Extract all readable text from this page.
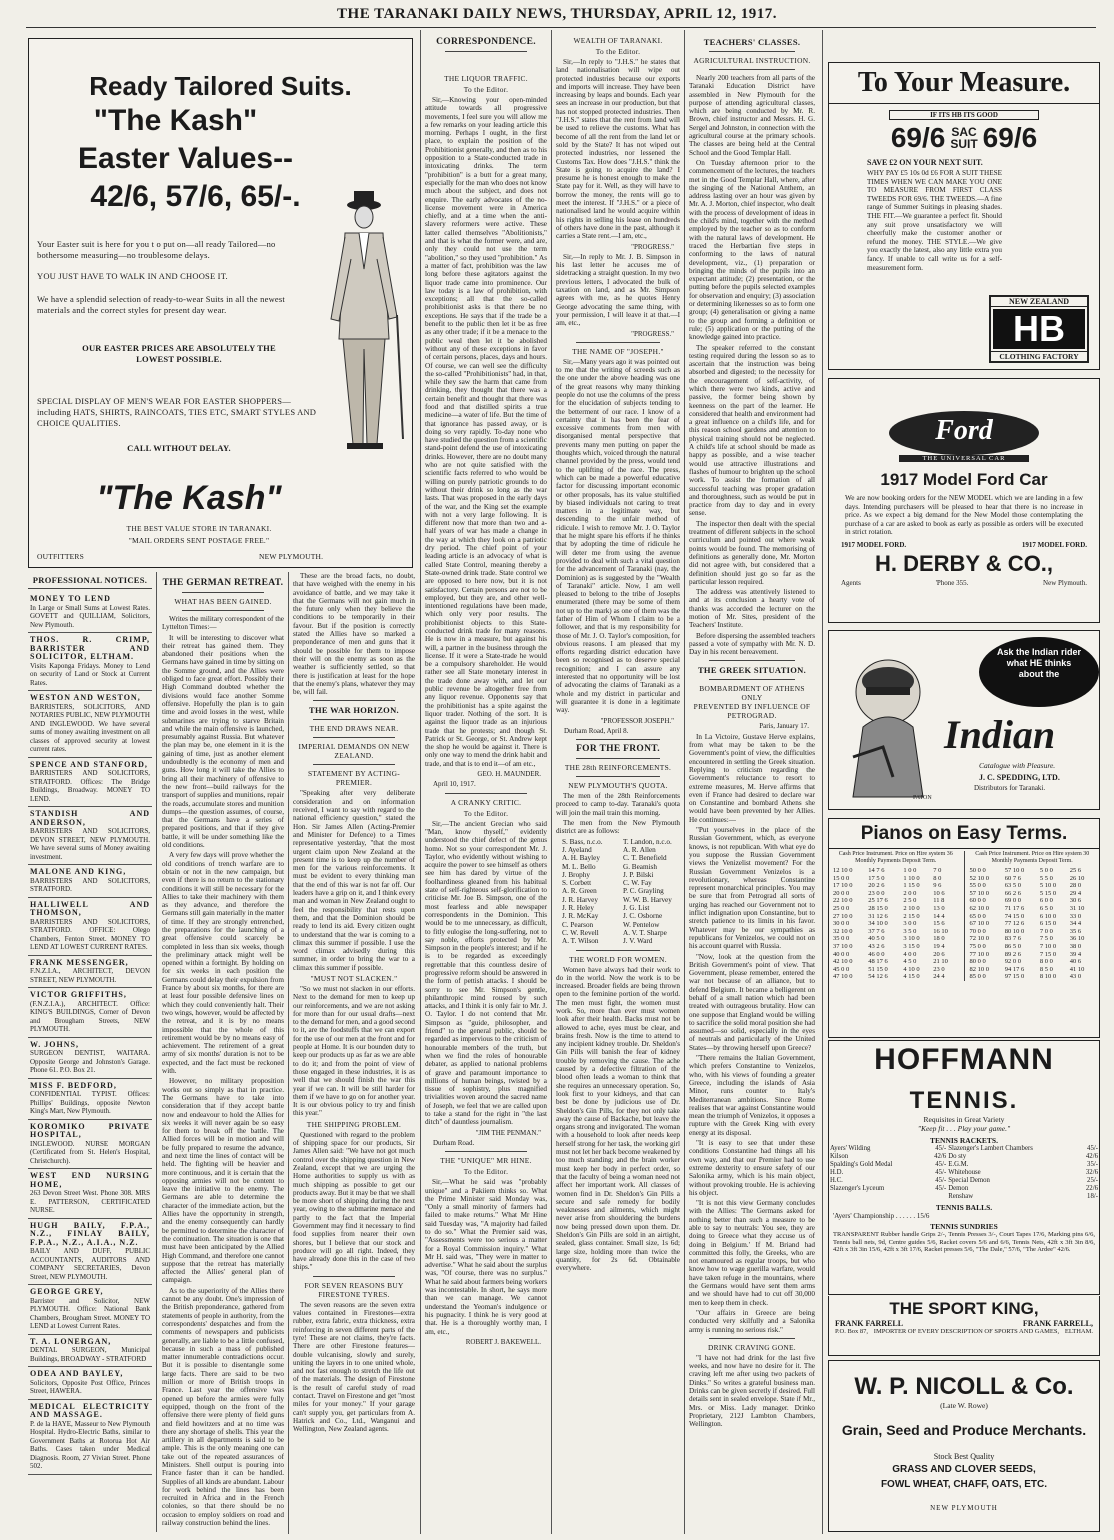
THE TARANAKI DAILY NEWS, THURSDAY, APRIL 12, 1917.
Ready Tailored Suits.
"The Kash"
Easter Values--
42/6, 57/6, 65/-.
Your Easter suit is here for you t o put on—all ready Tailored—no bothersome measuring—no troublesome delays.
YOU JUST HAVE TO WALK IN AND CHOOSE IT.
We have a splendid selection of ready-to-wear Suits in all the newest materials and the correct styles for present day wear.
OUR EASTER PRICES ARE ABSOLUTELY THE LOWEST POSSIBLE.
SPECIAL DISPLAY OF MEN'S WEAR FOR EASTER SHOPPERS—including HATS, SHIRTS, RAINCOATS, TIES ETC, SMART STYLES AND CHOICE QUALITIES.
CALL WITHOUT DELAY.
"The Kash"
THE BEST VALUE STORE IN TARANAKI.
"MAIL ORDERS SENT POSTAGE FREE."
OUTFITTERS	NEW PLYMOUTH.
PROFESSIONAL NOTICES.
MONEY TO LEND
In Large or Small Sums at Lowest Rates. GOVETT and QUILLIAM, Solicitors, New Plymouth.
THOS. R. CRIMP, BARRISTER AND SOLICITOR, ELTHAM.
Visits Kaponga Fridays. Money to Lend on security of Land or Stock at Current Rates.
WESTON AND WESTON,
BARRISTERS, SOLICITORS, AND NOTARIES PUBLIC, NEW PLYMOUTH AND INGLEWOOD. We have several sums of money awaiting investment on all classes of approved security at lowest current rates.
SPENCE AND STANFORD,
BARRISTERS AND SOLICITORS, STRATFORD. Offices: The Bridge Buildings, Broadway. MONEY TO LEND.
STANDISH AND ANDERSON,
BARRISTERS AND SOLICITORS, DEVON STREET, NEW PLYMOUTH. We have several sums of Money awaiting investment.
MALONE AND KING,
BARRISTERS AND SOLICITORS, STRATFORD.
HALLIWELL AND THOMSON,
BARRISTERS AND SOLICITORS, STRATFORD. OFFICE: Olego Chambers, Fenton Street. MONEY TO LEND AT LOWEST CURRENT RATES.
FRANK MESSENGER,
F.N.Z.I.A., ARCHITECT, DEVON STREET, NEW PLYMOUTH.
VICTOR GRIFFITHS,
(F.N.Z.I.A.), ARCHITECT. Office: KING'S BUILDINGS, Corner of Devon and Brougham Streets, NEW PLYMOUTH.
W. JOHNS,
SURGEON DENTIST, WAITARA. Opposite George and Johnston's Garage. Phone 61. P.O. Box 21.
MISS F. BEDFORD,
CONFIDENTIAL TYPIST. Offices: Phillips' Buildings, opposite Newton King's Mart, New Plymouth.
KOROMIKO PRIVATE HOSPITAL,
INGLEWOOD. NURSE MORGAN (Certificated from St. Helen's Hospital, Christchurch).
WEST END NURSING HOME,
263 Devon Street West. Phone 308. MRS E. PATTERSON, CERTIFICATED NURSE.
HUGH BAILY, F.P.A., N.Z., FINLAY BAILY, F.P.A., N.Z., A.I.A., N.Z.
BAILY AND DUFF, PUBLIC ACCOUNTANTS, AUDITORS AND COMPANY SECRETARIES, Devon Street, NEW PLYMOUTH.
GEORGE GREY,
Barrister and Solicitor, NEW PLYMOUTH. Office: National Bank Chambers, Brougham Street. MONEY TO LEND at Lowest Current Rates.
T. A. LONERGAN,
DENTAL SURGEON, Municipal Buildings, BROADWAY - STRATFORD
ODEA AND BAYLEY,
Solicitors, Opposite Post Office, Princes Street, HAWERA.
MEDICAL ELECTRICITY AND MASSAGE.
P. de la HAYE, Masseur to New Plymouth Hospital. Hydro-Electric Baths, similar to Government Baths at Rotorua Hot Air Baths. Cases taken under Medical Diagnosis. Room, 27 Vivian Street. Phone 502.
THE GERMAN RETREAT.
WHAT HAS BEEN GAINED.

Writes the military correspondent of the Lyttelton Times:—

It will be interesting to discover what their retreat has gained them. They abandoned their positions when the Germans have gained in time by sitting on the Somme ground, and the Allies were obliged to face great effort. Possibly their High Command doubted whether the divisions would face another Somme offensive. Hopefully the plan is to gain time and avoid losses in the west, while submarines are trying to starve Britain and while the main offensive is launched, presumably against Russia. But whatever the plan may be, one element in it is the gaining of time, just as another element undoubtedly is the economy of men and guns. How long it will take the Allies to bring all their machinery of offensive to the new front—build railways for the transport of supplies and munitions, repair the roads, accumulate stores and munition dumps—the question assumes, of course, that the Germans have a series of prepared positions, and that if they give battle, it will be under something like the old conditions.

A very few days will prove whether the old conditions of trench warfare are to obtain or not in the new campaign, but even if there is no return to the stationary conditions it will still be necessary for the Allies to take their machinery with them as they advance, and therefore the Germans still gain materially in the matter of time. If they are strongly entrenched, the preparations for the launching of a great offensive could scarcely be completed in less than six weeks, though the preliminary attack might well be opened within a fortnight. By holding on for six weeks in each position the Germans could delay their expulsion from France by about six months, for there are at least four possible defensive lines on which they could conveniently halt. Their two wings, however, would be affected by the retreat, and it is by no means impossible that the whole of this retirement would be by no means easy of achievement. The retirement of a great army of six months' duration is not to be expected, and the fact must be reckoned with.

However, no military proposition works out so simply as that in practice. The Germans have to take into consideration that if they accept battle now and endeavour to hold the Allies for six weeks it will never again be so easy for them to break off the battle. The Allied forces will be in motion and will be fully prepared to resume the advance, and next time the lines of contact will be held. The fighting will be heavier and more continuous, and it is certain that the opposing armies will not be content to leave the initiative to the enemy. The Germans are able to determine the character of the immediate action, but the Allies have the opportunity in strength, and the enemy consequently can hardly be permitted to determine the character of the continuation. The situation is one that must have been anticipated by the Allied High Command, and therefore one cannot suppose that the retreat has materially affected the Allies' general plan of campaign.

As to the superiority of the Allies there cannot be any doubt. One's impression of the British preponderance, gathered from statements of people in authority, from the correspondents' despatches and from the comments of newspapers and publicists generally, are liable to be a little confused, because in such a mass of published matter innumerable contradictions occur. But it is possible to disentangle some large facts. There are said to be two million or more of British troops in France. Last year the offensive was opened up before the armies were fully equipped, though on the front of the offensive there were plenty of field guns and field howitzers and at no time was there any shortage of shells. This year the artillery in all departments is said to be ample. This is the only meaning one can take out of the repeated assurances of Ministers. Shell output is pouring into France faster than it can be handled. Supplies of all kinds are abundant. Labour for work behind the lines has been recruited in Africa and in the French colonies, so that there should be no occasion to employ soldiers on road and railway construction behind the lines.

These are the broad facts, no doubt, that have weighed with the enemy in his avoidance of battle, and we may take it that the Germans will not gain much in the future only when they believe the conditions to be temporarily in their favour. But if the position is correctly stated the Allies have so marked a preponderance of men and guns that it should be possible for them to impose their will on the enemy as soon as the weather is sufficiently settled, so that there is justification at least for the hope that the enemy's plans, whatever they may be, will fail.

THE WAR HORIZON.
THE END DRAWS NEAR.
IMPERIAL DEMANDS ON NEW ZEALAND.
STATEMENT BY ACTING-PREMIER.

"Speaking after very deliberate consideration and on information received, I want to say with regard to the national efficiency question," stated the Hon. Sir James Allen (Acting-Premier and Minister for Defence) to a Times representative yesterday, "that the most urgent claim upon New Zealand at the present time is to keep up the number of men for the various reinforcements. It must be evident to every thinking man that the end of this war is not far off. Our leaders have a grip on it, and I think every man and woman in New Zealand ought to feel the responsibility that rests upon them, and that the Dominion should be ready to lend its aid. Every citizen ought to understand that the war is coming to a climax this summer if possible. I use the word climax advisedly during this summer, in order to bring the war to a climax this summer if possible.

"MUST NOT SLACKEN."

"So we must not slacken in our efforts. Next to the demand for men to keep up our reinforcements, and we are not asking for more than for our usual drafts—next to the demand for men, and a good second to it, are the foodstuffs that we can export for the use of our men at the front and for people at Home. It is our bounden duty to keep our products up as far as we are able to do it; and from the point of view of those engaged in these industries, it is as well that we should finish the war this year if we can. It will be still harder for them if we have to go on for another year. It is our obvious policy to try and finish this year."

THE SHIPPING PROBLEM.

Questioned with regard to the problem of shipping space for our products, Sir James Allen said: "We have not got much control over the shipping question in New Zealand, except that we are urging the Home authorities to supply us with as much shipping as possible to get our products away. But it may be that we shall be more short of shipping during the next year, owing to the submarine menace and partly to the fact that the Imperial Government may find it necessary to find food supplies from nearer their own shores, but I believe that our stock and produce will go all right. Indeed, they have already done this in the case of two ships."

FOR SEVEN REASONS BUY FIRESTONE TYRES.

The seven reasons are the seven extra values contained in Firestones—extra rubber, extra fabric, extra thickness, extra reinforcing in seven different parts of the tyre! These are not claims, they're facts. There are other Firestone features—double vulcanising, slowly and surely, uniting the layers in to one united whole, and not fast enough to stretch the life out of the materials. The design of Firestone is the result of careful study of road contact. Travel on Firestone and get "most miles for your money." If your garage can't supply you, get particulars from A. Hatrick and Co., Ltd., Wanganui and Wellington, New Zealand agents.

CORRESPONDENCE.
THE LIQUOR TRAFFIC.
To the Editor.

Sir,—Knowing your open-minded attitude towards all progressive movements, I feel sure you will allow me a few remarks on your leading article this morning. Perhaps I ought, in the first place, to explain the position of the Prohibitionist generally, and then as to his opposition to a State-conducted trade in intoxicating drinks. The term "prohibition" is a butt for a great many, especially for the man who does not know much about the subject, and does not enquire. The early advocates of the no-license movement were in America chiefly, and at a time when the anti-slavery reformers were active. These latter called themselves "Abolitionists," and that is what the former were, and are, only they could not use the term "abolition," so they used "prohibition." As a matter of fact, prohibition was the law long before these agitators against the liquor trade came into prominence. Our law today is a law of prohibition, with exceptions; all that the so-called prohibitionist asks is that there be no exceptions. He says that if the trade be a benefit to the public then let it be as free as any other trade; if it be a menace to the public weal then let it be abolished without any of these exceptions in favor of certain persons, places, days and hours. Of course, we can well see the difficulty the so-called "Prohibitionists" had, in that, while they saw the harm that came from drinking, they thought that there was a certain benefit and thought that there was food and that distilled spirits a true medicine—a water of life. But the time of that ignorance has passed away, or is doing so very rapidly. To-day none who have studied the question from a scientific stand-point defend the use of intoxicating drinks. However, there are no doubt many who are not quite satisfied with the scientific facts referred to who would be willing on purely patriotic grounds to do without their drink so long as the war lasts. That was proposed in the early days of the war, and the King set the example with not a very large following. It is different now that more than two and a-half years of war has made a change in the way at which they look on a patriotic dry period. The chief point of your leading article is an advocacy of what is called State Control, meaning thereby a State-owned drink trade. State control we are opposed to here now, but it is not satisfactory. Certain persons are not to be employed, but they are, and other well-intentioned regulations have been made, which only very poor results. The prohibitionist objects to this State-conducted drink trade for many reasons. He is now in a measure, but against his will, a partner in the business through the license. If it were a State-trade he would be a compulsory shareholder. He would rather see all State monetary interest in the trade done away with, and let our public revenue be altogether free from any liquor revenue. Opponents say that the prohibitionist has a spite against the liquor trader. Nothing of the sort. It is against the liquor trade as an injurious trade that he protests; and though St. Patrick or St. George, or St. Andrew kept the shop he would be against it. There is only one way to mend the drink habit and trade, and that is to end it—of am etc.,

GEO. H. MAUNDER.
April 10, 1917.
A CRANKY CRITIC.
To the Editor.

Sir,—The ancient Grecian who said "Man, know thyself," evidently understood the chief defect of the genus homo. Not so your correspondent Mr. J. Taylor, who evidently without wishing to acquire the power to see himself as others see him has dared by virtue of the foolhardiness gleaned from his habitual state of self-righteous self-glorification to criticise Mr. Joe B. Simpson, one of the most fearless and able newspaper correspondents in the Dominion. This would be to me unnecessary, as difficult, to fitly eulogise the long-suffering, not to say noble, efforts protected by Mr. Simpson in the people's interest; and if he is to be regarded as exceedingly regrettable that this countless desire of progressive reform should be answered in the form of pettish attacks. I should be sorry to see Mr. Simpson's gentle, philanthropic mind roused by such attacks, and I think it is only fair to Mr. J. O. Taylor. I do not contend that Mr. Simpson as "guide, philosopher, and friend" to the general public, should be regarded as impervious to the criticism of honourable members of the truth, but when we find the roles of honourable debater, as applied to national problems of grave and paramount importance to millions of human beings, twisted by a tissue of sophistry, plus magnified trivialities woven around the sacred name of Joseph, we feel that we are called upon to take a stand for the right in "the last ditch" of dauntless journalism.

"JIM THE PENMAN."
Durham Road.
THE "UNIQUE" MR HINE.
To the Editor.

Sir,—What he said was "probably unique" and a Pakiiem thinks so. What the Prime Minister said Monday was, "Only a small minority of farmers had failed to make returns." What Mr Hine said Tuesday was, "A majority had failed to do so." What the Premier said was, "Assessments were too serious a matter for a Royal Commission inquiry." What Mr H. said was, "They were in matter to advertise." What he said about the surplus was, "Of course, there was no surplus." What he said about farmers being workers was incontestable. In short, he says more than we can manage. We cannot understand the Yeoman's indulgence or his pugnacity. I think he is very good at that. He is a thoroughly worthy man, I am, etc.,

ROBERT J. BAKEWELL.
WEALTH OF TARANAKI.
To the Editor.

Sir,—In reply to "J.H.S." he states that land nationalisation will wipe out protected industries because our exports and imports will increase. They have been increasing by leaps and bounds. Each year sees an increase in our production, but that has not stopped protected industries. Then "J.H.S." states that the rent from land will be used to relieve the customs. What has become of all the rent from the land let or sold by the State? It has not wiped out protected industries, nor lessened the Customs Tax. How does "J.H.S." think the State is going to acquire the land? I presume he is honest enough to make the State pay for it. Well, as they will have to borrow the money, the rents will go to meet the interest. If "J.H.S." or a piece of nationalised land he would acquire within his rights in selling his lease on hundreds of others have done in the past, although it carries a State rent.—I am, etc.,

"PROGRESS."

Sir,—In reply to Mr. J. B. Simpson in his last letter he accuses me of sidetracking a straight question. In my two previous letters, I advocated the bulk of taxation on land, and as Mr. Simpson agrees with me, as he quotes Henry George advocating the same thing, with your permission, I will leave it at that.—I am, etc.,

"PROGRESS."
THE NAME OF "JOSEPH."

Sir,—Many years ago it was pointed out to me that the writing of screeds such as the one under the above heading was one of the great reasons why many thinking people do not use the columns of the press for the elucidation of subjects tending to the betterment of our race. I know of a certainty that it has been the fear of excessive comments from men with disorganised mental perspective that prevents many men putting on paper the thoughts which, voiced through the natural channel provided by the press, would tend to the uplifting of the race. The press, which can be made a powerful educative factor for discussing important economic or other proposals, has its value stultified by biased individuals not caring to treat matters in a legitimate way, but descending to the unfair method of ridicule. I wish to remove Mr. J. O. Taylor that he might spare his efforts if he thinks that by adopting the time of ridicule he will deter me from using the avenue provided to deal with such a vital question for the advancement of Taranaki (nay, the Dominion) as is suggested by the "Wealth of Taranaki" article. Now, I am well pleased to belong to the tribe of Josephs enumerated (there may be some of them not up to the mark) as one of them was the father of Him of Whom I claim to be a follower, and that is my responsibility for those of Mr. J. O. Taylor's composition, for obvious reasons. I am pleased that my efforts regarding district education have been so recognised as to deserve special recognition; and I can assure any interested that no opportunity will be lost of advocating the claims of Taranaki as a whole and my district in particular and will guarantee it is done in a legitimate way.

"PROFESSOR JOSEPH."
Durham Road, April 8.
FOR THE FRONT.
THE 28th REINFORCEMENTS.
NEW PLYMOUTH'S QUOTA.

The men of the 28th Reinforcements proceed to camp to-day. Taranaki's quota will join the mail train this morning.

The men from the New Plymouth district are as follows:

S. Bass, n.c.o.	T. Landon, n.c.o.
J. Ayeland	A. R. Allen
A. H. Bayley	C. T. Benefield
M. L. Bello	G. Beamish
J. Brophy	J. P. Bilski
S. Corbett	C. W. Fay
A. R. Green	P. C. Grayling
J. R. Harvey	W. W. B. Harvey
J. R. Heley	J. G. List
J. R. McKay	J. C. Osborne
C. Pearson	W. Pentelow
C. W. Revell	A. V. T. Sharpe
A. T. Wilson	J. V. Ward
THE WORLD FOR WOMEN.

Women have always had their work to do in the world. Now the work is to be increased. Broader fields are being thrown open to the feminine portion of the world. The men must fight, the women must work. So, more than ever must women look after their health. Backs must not be allowed to ache, eyes must be clear, and brains fresh. Now is the time to attend to any incipient kidney trouble. Dr. Sheldon's Gin Pills will banish the fear of kidney trouble by removing the cause. The ache caused by a defective filtration of the blood often leads a woman to think that she requires an unnecessary operation. So, look first to your kidneys, and that can best be done by judicious use of Dr. Sheldon's Gin Pills, for they not only take away the cause of Backache, but leave the organs strong and invigorated. The woman with a household to look after needs keep herself strong for her task, the working girl must not let her back become weakened by too much standing; and the brain worker must keep her body in perfect order, so that the faculty of being a woman need not affect her important work. All classes of women find in Dr. Sheldon's Gin Pills a secure and safe remedy for bodily weaknesses and ailments, which might never arise from shouldering the burdens now being pressed down upon them. Dr. Sheldon's Gin Pills are sold in an airtight, sealed, glass container. Small size, 1s 6d; large size, holding more than twice the quantity, for 2s 6d. Obtainable everywhere.

TEACHERS' CLASSES.
AGRICULTURAL INSTRUCTION.

Nearly 200 teachers from all parts of the Taranaki Education District have assembled in New Plymouth for the purpose of attending agricultural classes, which are being conducted by Mr. R. Brown, chief instructor and Messrs. H. G. Sergel and Johnston, in connection with the agricultural course at the primary schools. The classes are being held at the Central School and the Good Templar Hall.

On Tuesday afternoon prior to the commencement of the lectures, the teachers met in the Good Templar Hall, where, after the singing of the National Anthem, an address lasting over an hour was given by Mr. A. J. Morton, chief inspector, who dealt with the process of development of ideas in the child's mind, together with the method employed by the teacher so as to conform with the natural laws of development. He traced the Herbartian five steps in conforming to the laws of natural development, viz., (1) preparation or bringing the minds of the pupils into an expectant attitude; (2) presentation, or the putting before the pupils selected examples for observation and enquiry; (3) association or determining likenesses so as to form one group; (4) generalisation or giving a name to the group and forming a definition or rule; (5) application or the putting of the knowledge gained into practice.

The speaker referred to the constant testing required during the lesson so as to ascertain that the instruction was being absorbed and digested; to the necessity for the encouragement of self-activity, of which there were two kinds, active and passive, the former being shown by keenness on the part of the learner. He considered that health and environment had a great influence on a child's life, and for this reason school gardens and attention to physical training should not be neglected. A child's life at school should be made as happy as possible, and a wise teacher would use attractive illustrations and flashes of humour to brighten up the school work. To assist the formation of all successful teaching was proper gradation and thoroughness, such as would be put in practice from day to day and in every sense.

The inspector then dealt with the special treatment of different subjects in the school curriculum and pointed out where weak points would be found. The memorising of definitions as generally done, Mr. Morton did not agree with, but considered that a definition should just go so far as the particular lesson required.

The address was attentively listened to and at its conclusion a hearty vote of thanks was accorded the lecturer on the motion of Mr. Sites, president of the Teachers' Institute.

Before dispersing the assembled teachers passed a vote of sympathy with Mr. N. D. Day in his recent bereavement.

THE GREEK SITUATION.
BOMBARDMENT OF ATHENS ONLY
PREVENTED BY INFLUENCE OF
PETROGRAD.
Paris, January 17.

In La Victoire, Gustave Herve explains, from what may be taken to be the Government's point of view, the difficulties encountered in settling the Greek situation. Replying to criticism regarding the Government's reluctance to resort to extreme measures, M. Herve affirms that even if France had desired to declare war on Constantine and bombard Athens she would have been prevented by her Allies. He continues:—

"Put yourselves in the place of the Russian Government, which, as everyone knows, is not republican. With what eye do you suppose the Russian Government views the Venizelist movement? For the Russian Government Venizelos is a revolutionary, whereas Constantine represent monarchical principles. You may be sure that from Petrograd all sorts of urging has reached our Government not to inflict indignation upon Constantine, but to stretch patience to its limits in his favor. Whatever may be our sympathies as republicans for Venizelos, we could not on his account quarrel with Russia.

"Now, look at the question from the British Government's point of view. That Government, please remember, entered the war not because of an alliance, but to defend Belgium. It became a belligerent on behalf of a small nation which had been treated with outrageous brutality. How can one suppose that England would be willing to sacrifice the solid moral position she had assumed—so solid, especially in the eyes of neutrals and particularly of the United States—by throwing herself upon Greece?

"There remains the Italian Government, which prefers Constantine to Venizelos, who, with his views of founding a greater Greece, including the islands of Asia Minor, runs counter to Italy's Mediterranean ambitions. Since Rome realises that war against Constantine would mean the triumph of Venizelos, it opposes a rupture with the Greek King with every energy at its disposal.

"It is easy to see that under these conditions Constantine had things all his own way, and that our Premier had to use extreme dexterity to ensure safety of our Salonika army, which is his main object, without provoking trouble. He is achieving his object.

"It is not this view Germany concludes with the Allies: 'The Germans asked for nothing better than such a measure to be able to say to neutrals: You see, they are doing to Greece what they accuse us of doing in Belgium.' If M. Briand had committed this folly, the Greeks, who are not enamoured as regular troops, but who know how to wage guerilla warfare, would have taken refuge in the mountains, where the Germans would have sent them arms and we should have had to cut off 30,000 men to keep them in check.

"Our affairs in Greece are being conducted very skilfully and a Salonika army is running no serious risk."

DRINK CRAVING GONE.

"I have not had drink for the last five weeks, and now have no desire for it. The craving left me after using two packets of Dinks." So writes a grateful business man. Drinks can be given secretly if desired. Full details sent in sealed envelope. State if Mr., Mrs. or Miss. Lady manager. Drinko Proprietary, 212J Lambton Chambers, Wellington.

To Your Measure.
IF ITS HB ITS GOOD
69/6 SAC
SUIT 69/6
SAVE £2 ON YOUR NEXT SUIT.
WHY PAY £5 10s 0d £6 FOR A SUIT THESE TIMES WHEN WE CAN MAKE YOU ONE TO MEASURE FROM FIRST CLASS TWEEDS FOR 69/6. THE TWEEDS.—A fine range of Summer Suitings in pleasing shades. THE FIT.—We guarantee a perfect fit. Should any suit prove unsatisfactory we will cheerfully make the customer another or refund the money. THE STYLE.—We give you exactly the latest, also any little extra you fancy. If unable to call write us for a self-measurement form.
NEW ZEALAND
HB
CLOTHING FACTORY
Ford
THE UNIVERSAL CAR
1917 Model Ford Car
We are now booking orders for the NEW MODEL which we are landing in a few days. Intending purchasers will be pleased to hear that there is no increase in price. As we expect a big demand for the New Model those contemplating the purchase of a car are asked to book as early as possible as orders will be executed in strict rotation.
1917 MODEL FORD.	1917 MODEL FORD.
H. DERBY & CO.,
Agents	'Phone 355.	New Plymouth.
Ask the Indian rider what HE thinks about the
Indian
Catalogue with Pleasure.
J. C. SPEDDING, LTD.
Distributors for Taranaki.
PATON
Pianos on Easy Terms.
Cash Price Instrument. Price on Hire system 36 Monthly Payments Deposit Term.
12 10 0	14 7 6	1 0 0	7 0
15 0 0	17 5 0	1 10 0	8 0
17 10 0	20 2 6	1 15 0	9 6
20 0 0	23 0 0	2 0 0	10 6
22 10 0	25 17 6	2 5 0	11 8
25 0 0	28 15 0	2 10 0	13 0
27 10 0	31 12 6	2 15 0	14 4
30 0 0	34 10 0	3 0 0	15 6
32 10 0	37 7 6	3 5 0	16 10
35 0 0	40 5 0	3 10 0	18 0
37 10 0	43 2 6	3 15 0	19 4
40 0 0	46 0 0	4 0 0	20 6
42 10 0	48 17 6	4 5 0	21 10
45 0 0	51 15 0	4 10 0	23 0
47 10 0	54 12 6	4 15 0	24 4
Cash Price Instrument. Price on Hire system 30 Monthly Payments Deposit Term.
50 0 0	57 10 0	5 0 0	25 6
52 10 0	60 7 6	5 5 0	26 10
55 0 0	63 5 0	5 10 0	28 0
57 10 0	66 2 6	5 15 0	29 4
60 0 0	69 0 0	6 0 0	30 6
62 10 0	71 17 6	6 5 0	31 10
65 0 0	74 15 0	6 10 0	33 0
67 10 0	77 12 6	6 15 0	34 4
70 0 0	80 10 0	7 0 0	35 6
72 10 0	83 7 6	7 5 0	36 10
75 0 0	86 5 0	7 10 0	38 0
77 10 0	89 2 6	7 15 0	39 4
80 0 0	92 0 0	8 0 0	40 6
82 10 0	94 17 6	8 5 0	41 10
85 0 0	97 15 0	8 10 0	43 0
HOFFMANN
TENNIS.
Requisites in Great Variety
"Keep fit . . . Play your game."
TENNIS RACKETS.
Ayers' Wilding	45/-	Slazenger's Lambert Chambers	45/-
Kilson	42/6	Do sty	42/6
Spalding's Gold Medal	45/-	E.G.M.	35/-
H.D.	45/-	Whitehouse	32/6
H.C.	45/-	Special Demon	25/-
Slazenger's Lyceum	45/-	Demon	22/6
		Renshaw	18/-
TENNIS BALLS.
'Ayers' Championship . . . . . . 15/6
TENNIS SUNDRIES
TRANSPARENT Rubber handle Grips 2/-, Tennis Presses 3/-, Court Tapes 17/6, Marking pins 6/6, Tennis ball nets, 9d, Centre guides 5/6, Racket covers 5/6 and 6/6, Tennis Nets, 42ft x 3ft 3in 8/6, 42ft x 3ft 3in 15/6, 42ft x 3ft 17/6, Racket presses 5/6, "The Dale," 57/6, "The Ardee" 42/6.
THE SPORT KING,
FRANK FARRELL	FRANK FARRELL,
P.O. Box 87, IMPORTER OF EVERY DESCRIPTION OF SPORTS AND GAMES, ELTHAM.
W. P. NICOLL & Co.
(Late W. Rowe)
Grain, Seed and Produce Merchants.
Stock Best Quality
GRASS AND CLOVER SEEDS,
FOWL WHEAT, CHAFF, OATS, ETC.
NEW PLYMOUTH
